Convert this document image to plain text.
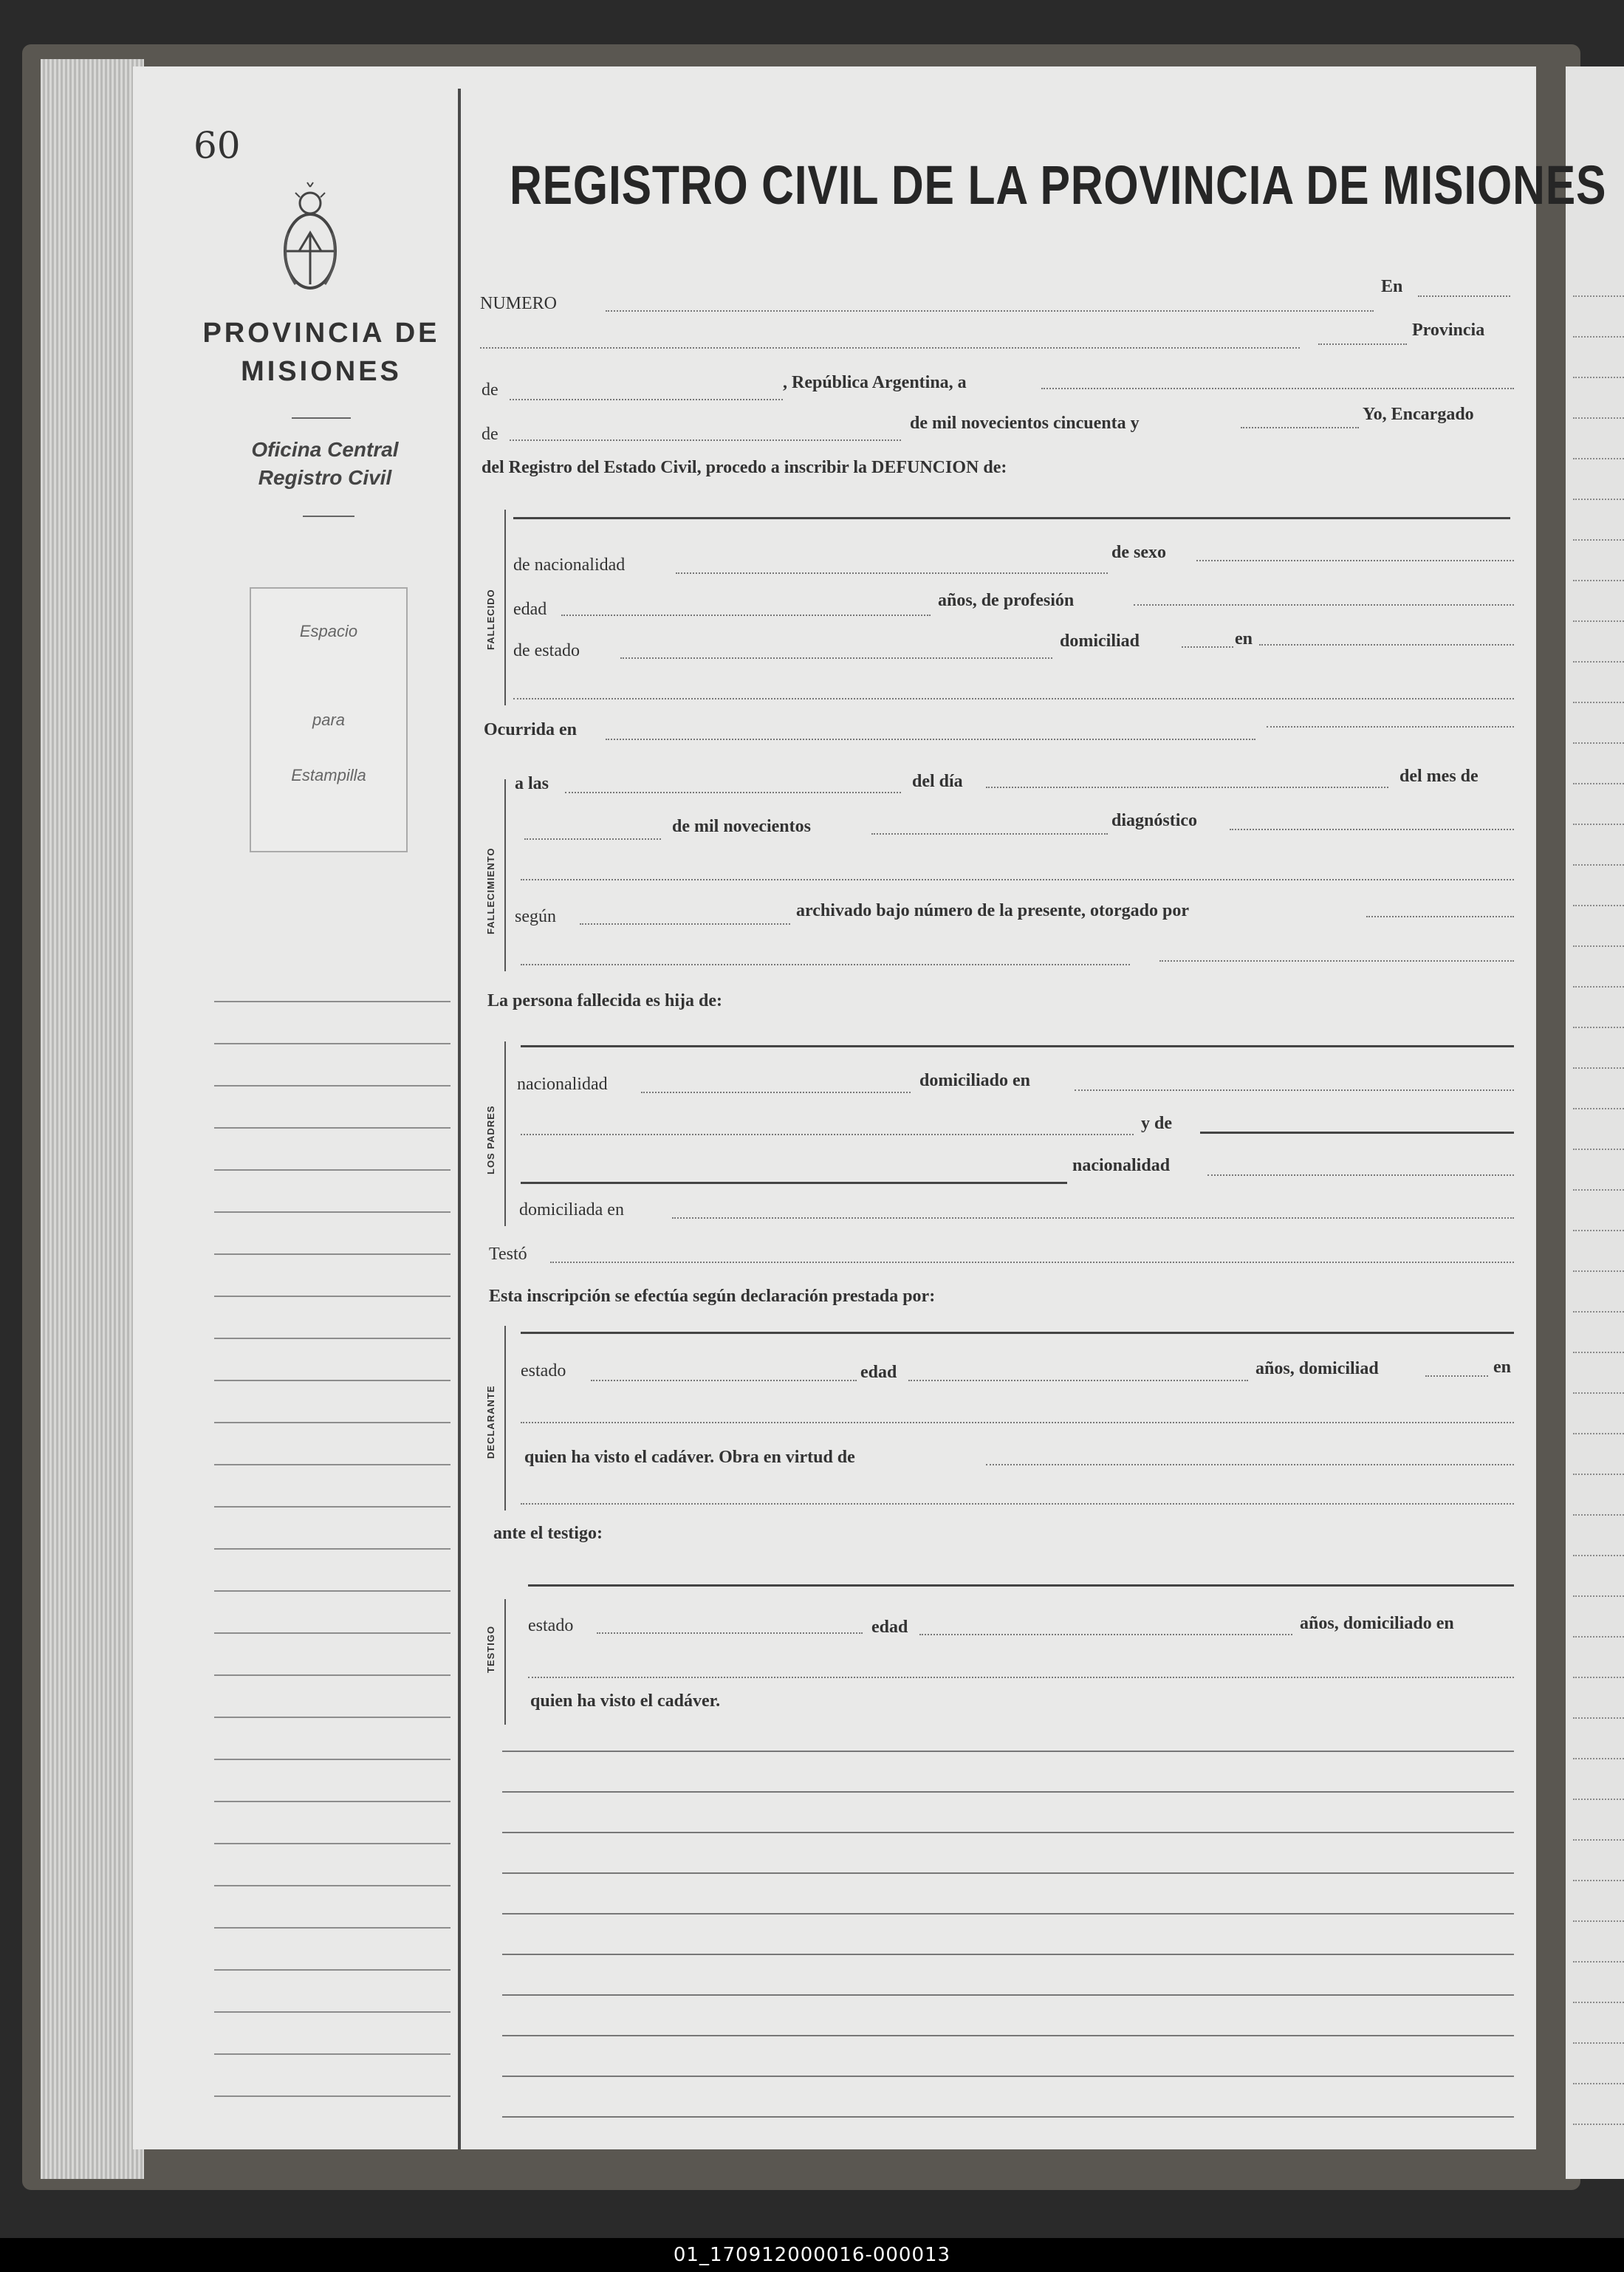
60
PROVINCIA DE
MISIONES
Oficina Central
Registro Civil
Espacio
para
Estampilla
REGISTRO CIVIL DE LA PROVINCIA DE MISIONES
NUMERO
En
Provincia
de	, República Argentina, a
de
de mil novecientos cincuenta y	Yo, Encargado
del Registro del Estado Civil, procedo a inscribir la DEFUNCION de:
FALLECIDO
de nacionalidad
de sexo
edad	años, de profesión
de estado	domiciliad	en
Ocurrida en
FALLECIMIENTO
a las	del día	del mes de
de mil novecientos	diagnóstico
según	archivado bajo número de la presente, otorgado por
La persona fallecida es hija de:
LOS PADRES
nacionalidad	domiciliado en
y de
nacionalidad
domiciliada en
Testó
Esta inscripción se efectúa según declaración prestada por:
DECLARANTE
estado	edad	años, domiciliad	en
quien ha visto el cadáver. Obra en virtud de
ante el testigo:
TESTIGO estado	edad	años, domiciliado en
quien ha visto el cadáver.
01_170912000016-000013
